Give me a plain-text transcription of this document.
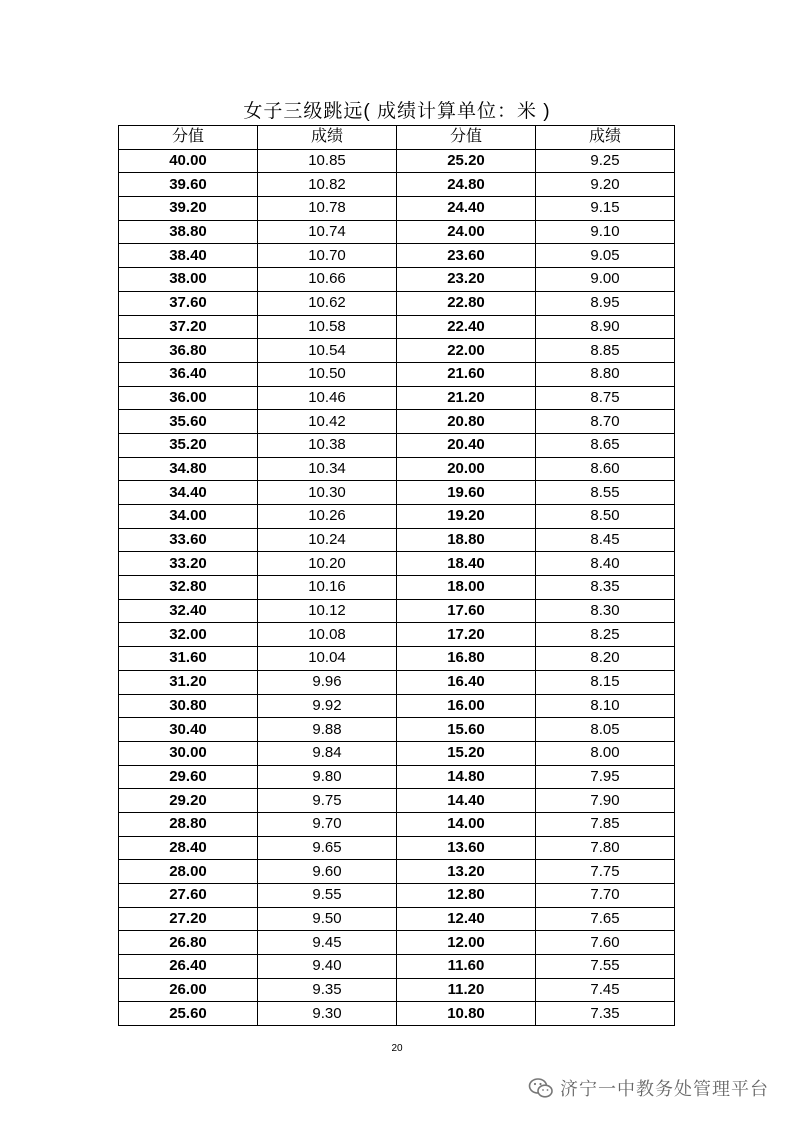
女子三级跳远( 成绩计算单位：米 )
分值	成绩	分值	成绩
40.00	10.85	25.20	9.25
39.60	10.82	24.80	9.20
39.20	10.78	24.40	9.15
38.80	10.74	24.00	9.10
38.40	10.70	23.60	9.05
38.00	10.66	23.20	9.00
37.60	10.62	22.80	8.95
37.20	10.58	22.40	8.90
36.80	10.54	22.00	8.85
36.40	10.50	21.60	8.80
36.00	10.46	21.20	8.75
35.60	10.42	20.80	8.70
35.20	10.38	20.40	8.65
34.80	10.34	20.00	8.60
34.40	10.30	19.60	8.55
34.00	10.26	19.20	8.50
33.60	10.24	18.80	8.45
33.20	10.20	18.40	8.40
32.80	10.16	18.00	8.35
32.40	10.12	17.60	8.30
32.00	10.08	17.20	8.25
31.60	10.04	16.80	8.20
31.20	9.96	16.40	8.15
30.80	9.92	16.00	8.10
30.40	9.88	15.60	8.05
30.00	9.84	15.20	8.00
29.60	9.80	14.80	7.95
29.20	9.75	14.40	7.90
28.80	9.70	14.00	7.85
28.40	9.65	13.60	7.80
28.00	9.60	13.20	7.75
27.60	9.55	12.80	7.70
27.20	9.50	12.40	7.65
26.80	9.45	12.00	7.60
26.40	9.40	11.60	7.55
26.00	9.35	11.20	7.45
25.60	9.30	10.80	7.35
20
济宁一中教务处管理平台
